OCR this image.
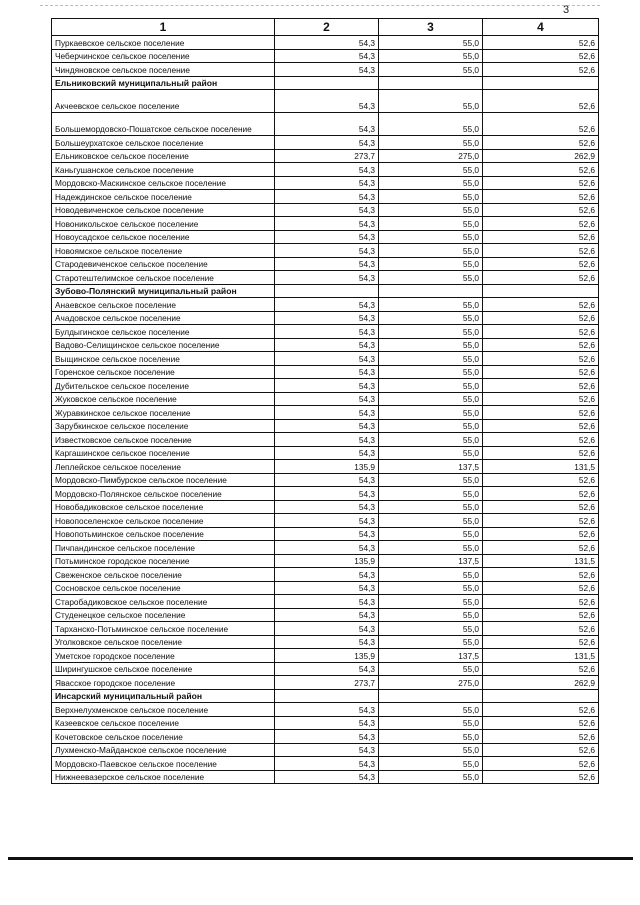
3
1	2	3	4
Пуркаевское сельское поселение	54,3	55,0	52,6
Чеберчинское сельское поселение	54,3	55,0	52,6
Чиндяновское сельское поселение	54,3	55,0	52,6
Ельниковский муниципальный район			
Акчеевское сельское поселение	54,3	55,0	52,6
Большемордовско-Пошатское сельское поселение	54,3	55,0	52,6
Большеурхатское сельское поселение	54,3	55,0	52,6
Ельниковское сельское поселение	273,7	275,0	262,9
Каньгушанское сельское поселение	54,3	55,0	52,6
Мордовско-Маскинское сельское поселение	54,3	55,0	52,6
Надеждинское сельское поселение	54,3	55,0	52,6
Новодевиченское сельское поселение	54,3	55,0	52,6
Новоникольское сельское поселение	54,3	55,0	52,6
Новоусадское сельское поселение	54,3	55,0	52,6
Новоямское сельское поселение	54,3	55,0	52,6
Стародевиченское сельское поселение	54,3	55,0	52,6
Старотештелимское сельское поселение	54,3	55,0	52,6
Зубово-Полянский муниципальный район			
Анаевское сельское поселение	54,3	55,0	52,6
Ачадовское сельское поселение	54,3	55,0	52,6
Булдыгинское сельское поселение	54,3	55,0	52,6
Вадово-Селищинское сельское поселение	54,3	55,0	52,6
Выщинское сельское поселение	54,3	55,0	52,6
Горенское сельское поселение	54,3	55,0	52,6
Дубительское сельское поселение	54,3	55,0	52,6
Жуковское сельское поселение	54,3	55,0	52,6
Журавкинское сельское поселение	54,3	55,0	52,6
Зарубкинское сельское поселение	54,3	55,0	52,6
Известковское сельское поселение	54,3	55,0	52,6
Каргашинское сельское поселение	54,3	55,0	52,6
Леплейское сельское поселение	135,9	137,5	131,5
Мордовско-Пимбурское сельское поселение	54,3	55,0	52,6
Мордовско-Полянское сельское поселение	54,3	55,0	52,6
Новобадиковское сельское поселение	54,3	55,0	52,6
Новопоселенское сельское поселение	54,3	55,0	52,6
Новопотьминское сельское поселение	54,3	55,0	52,6
Пичпандинское сельское поселение	54,3	55,0	52,6
Потьминское городское поселение	135,9	137,5	131,5
Свеженское сельское поселение	54,3	55,0	52,6
Сосновское сельское поселение	54,3	55,0	52,6
Старобадиковское сельское поселение	54,3	55,0	52,6
Студенецкое сельское поселение	54,3	55,0	52,6
Тарханско-Потьминское сельское поселение	54,3	55,0	52,6
Уголковское сельское поселение	54,3	55,0	52,6
Уметское городское поселение	135,9	137,5	131,5
Ширингушское сельское поселение	54,3	55,0	52,6
Явасское городское поселение	273,7	275,0	262,9
Инсарский муниципальный район			
Верхнелухменское сельское поселение	54,3	55,0	52,6
Казеевское сельское поселение	54,3	55,0	52,6
Кочетовское сельское поселение	54,3	55,0	52,6
Лухменско-Майданское сельское поселение	54,3	55,0	52,6
Мордовско-Паевское сельское поселение	54,3	55,0	52,6
Нижнеевазерское сельское поселение	54,3	55,0	52,6
